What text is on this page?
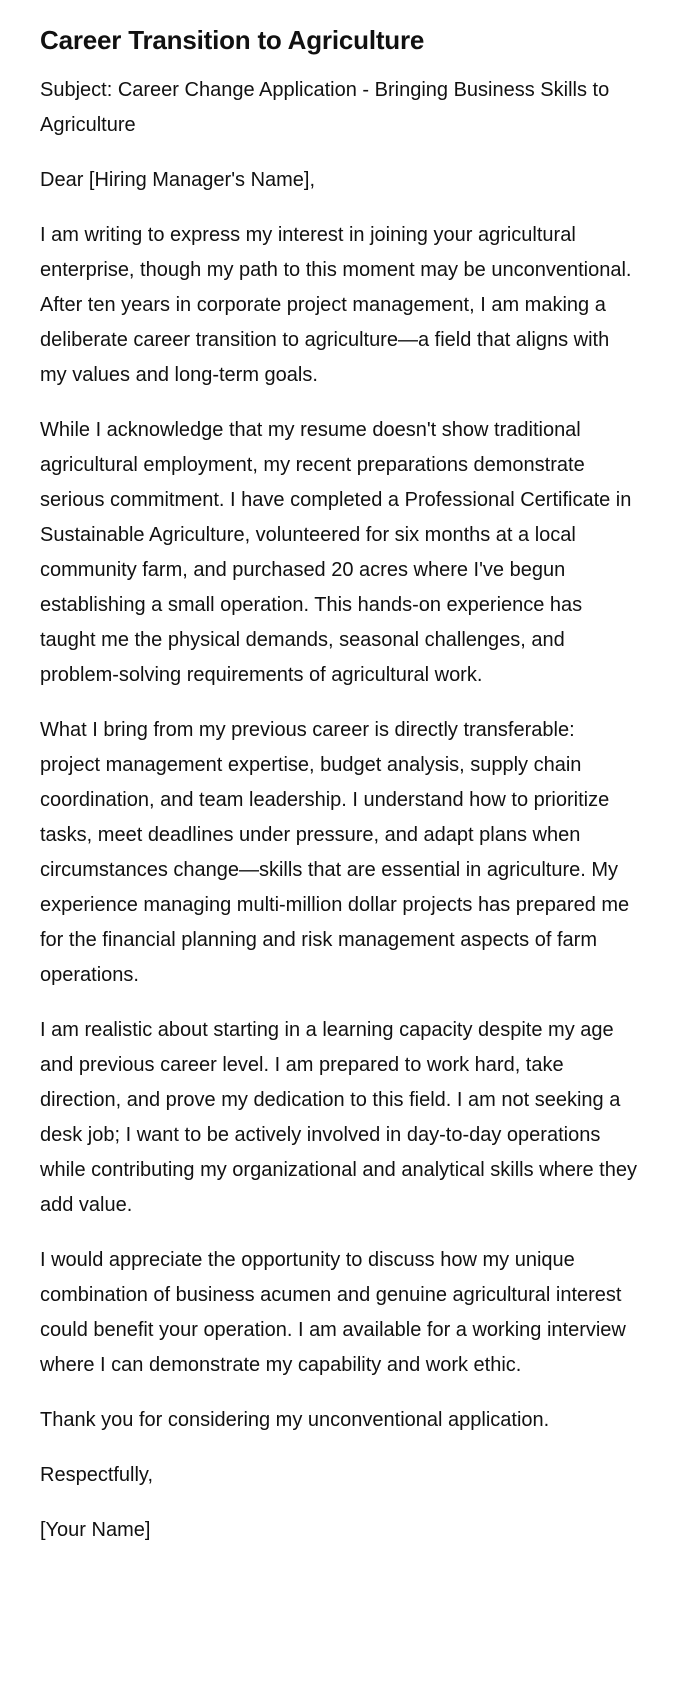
Career Transition to Agriculture

Subject: Career Change Application - Bringing Business Skills to Agriculture

Dear [Hiring Manager's Name],

I am writing to express my interest in joining your agricultural enterprise, though my path to this moment may be unconventional. After ten years in corporate project management, I am making a deliberate career transition to agriculture—a field that aligns with my values and long-term goals.

While I acknowledge that my resume doesn't show traditional agricultural employment, my recent preparations demonstrate serious commitment. I have completed a Professional Certificate in Sustainable Agriculture, volunteered for six months at a local community farm, and purchased 20 acres where I've begun establishing a small operation. This hands-on experience has taught me the physical demands, seasonal challenges, and problem-solving requirements of agricultural work.

What I bring from my previous career is directly transferable: project management expertise, budget analysis, supply chain coordination, and team leadership. I understand how to prioritize tasks, meet deadlines under pressure, and adapt plans when circumstances change—skills that are essential in agriculture. My experience managing multi-million dollar projects has prepared me for the financial planning and risk management aspects of farm operations.

I am realistic about starting in a learning capacity despite my age and previous career level. I am prepared to work hard, take direction, and prove my dedication to this field. I am not seeking a desk job; I want to be actively involved in day-to-day operations while contributing my organizational and analytical skills where they add value.

I would appreciate the opportunity to discuss how my unique combination of business acumen and genuine agricultural interest could benefit your operation. I am available for a working interview where I can demonstrate my capability and work ethic.

Thank you for considering my unconventional application.

Respectfully,

[Your Name]
